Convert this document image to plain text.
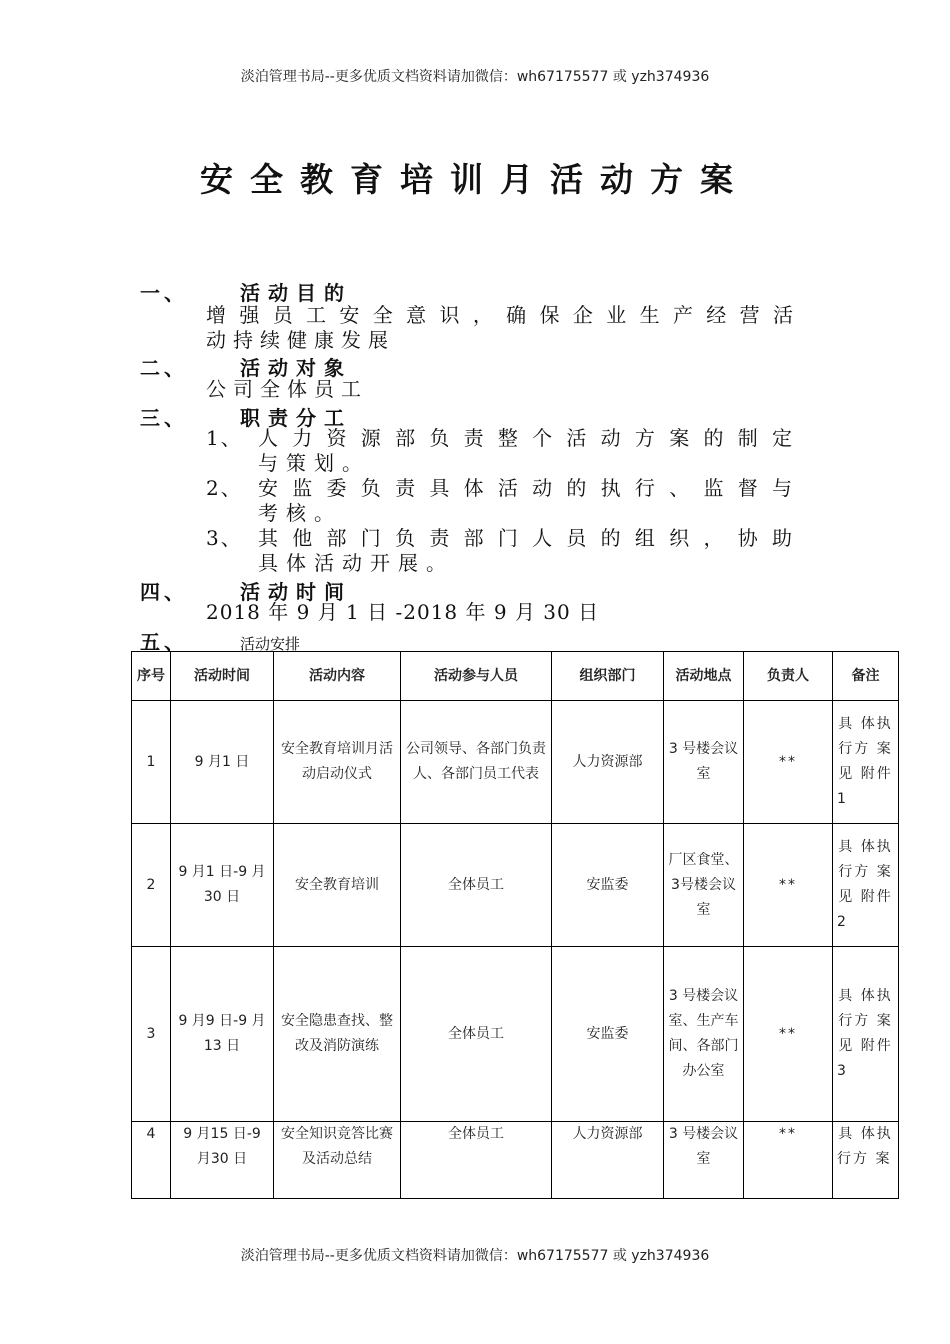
淡泊管理书局--更多优质文档资料请加微信：wh67175577 或 yzh374936
安全教育培训月活动方案
一、	活动目的
增强员工安全意识，确保企业生产经营活
动持续健康发展
二、	活动对象
公司全体员工
三、	职责分工
1、 人力资源部负责整个活动方案的制定
与策划。
2、 安监委负责具体活动的执行、监督与
考核。
3、 其他部门负责部门人员的组织，协助
具体活动开展。
四、	活动时间
2018 年 9 月 1 日 -2018 年 9 月 30 日
五、	活动安排
序号	活动时间	活动内容	活动参与人员	组织部门	活动地点	负责人	备注
1	9 月1 日	安全教育培训月活动启动仪式	公司领导、各部门负责人、各部门员工代表	人力资源部	3 号楼会议室	**	具 体执 行方 案见 附件1
2	9 月1 日-9 月30 日	安全教育培训	全体员工	安监委	厂区食堂、3号楼会议室	**	具 体执 行方 案见 附件2
3	9 月9 日-9 月13 日	安全隐患查找、整改及消防演练	全体员工	安监委	3 号楼会议室、生产车间、各部门办公室	**	具 体执 行方 案见 附件3
4	9 月15 日-9 月30 日	安全知识竞答比赛及活动总结	全体员工	人力资源部	3 号楼会议室	**	具 体执 行方 案
淡泊管理书局--更多优质文档资料请加微信：wh67175577 或 yzh374936
